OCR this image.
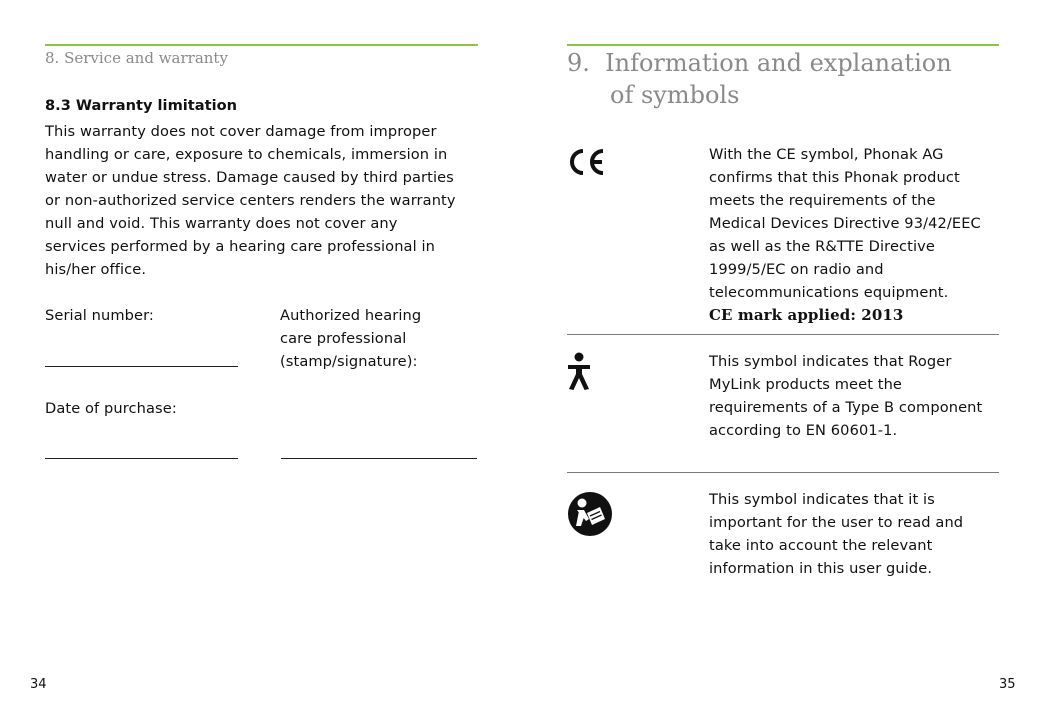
8. Service and warranty
8.3 Warranty limitation
This warranty does not cover damage from improper
handling or care, exposure to chemicals, immersion in
water or undue stress. Damage caused by third parties
or non-authorized service centers renders the warranty
null and void. This warranty does not cover any
services performed by a hearing care professional in
his/her office.
Serial number:	Authorized hearing
care professional
(stamp/signature):
Date of purchase:
34
9.  Information and explanation
of symbols
With the CE symbol, Phonak AG
confirms that this Phonak product
meets the requirements of the
Medical Devices Directive 93/42/EEC
as well as the R&TTE Directive
1999/5/EC on radio and
telecommunications equipment.
CE mark applied: 2013
This symbol indicates that Roger
MyLink products meet the
requirements of a Type B component
according to EN 60601-1.
This symbol indicates that it is
important for the user to read and
take into account the relevant
information in this user guide.
35
